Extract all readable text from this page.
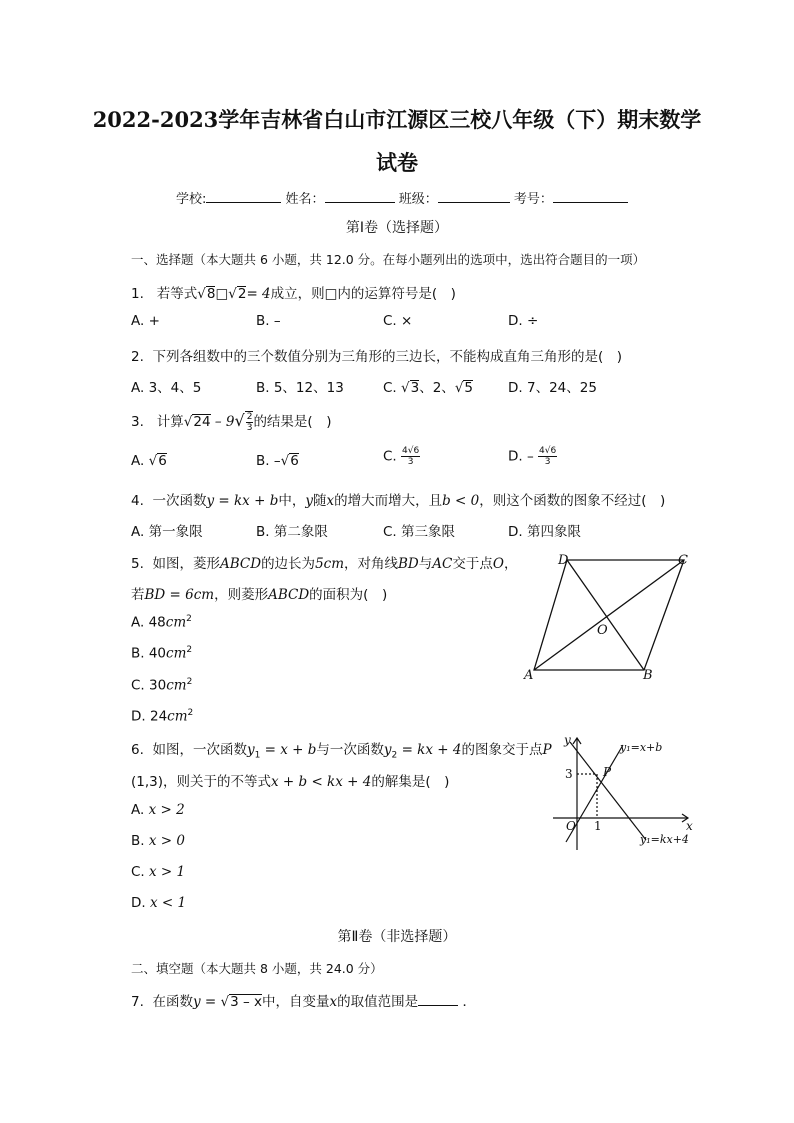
2022-2023学年吉林省白山市江源区三校八年级（下）期末数学
试卷
学校:	姓名：	班级：	考号：
第Ⅰ卷（选择题）
一、选择题（本大题共 6 小题，共 12.0 分。在每小题列出的选项中，选出符合题目的一项）
1. 若等式√8□√2= 4成立，则□内的运算符号是(　)
A. +	B. –	C. ×	D. ÷
2. 下列各组数中的三个数值分别为三角形的三边长，不能构成直角三角形的是(　)
A. 3、4、5	B. 5、12、13	C. √3、2、√5	D. 7、24、25
3. 计算$√24 - 9√ \frac{2}{3}$ 的结果是(　)
A. √6	B. –√6	C. $\frac{4√6}{3}$	D. – $\frac{4√6}{3}$
4. 一次函数y = kx + b中，y随x的增大而增大，且b < 0，则这个函数的图象不经过(　)
A. 第一象限	B. 第二象限	C. 第三象限	D. 第四象限
5. 如图，菱形ABCD的边长为5cm，对角线BD与AC交于点O，
若BD = 6cm，则菱形ABCD的面积为(　)
A. $48cm^2$
B. $40cm^2$
C. $30cm^2$
D. $24cm^2$
D	C
A	B
O
6. 如图，一次函数$y_1 = x + b$与一次函数$y_2$ = kx + 4的图象交于点P
(1,3)，则关于的不等式x + b < kx + 4的解集是(　)
A. x > 2
B. x > 0
C. x > 1
D. x < 1
y
x
O
3
1
P
y₁=x+b
y₁=kx+4
第Ⅱ卷（非选择题）
二、填空题（本大题共 8 小题，共 24.0 分）
7. 在函数y = √3 – x中，自变量x的取值范围是	．
